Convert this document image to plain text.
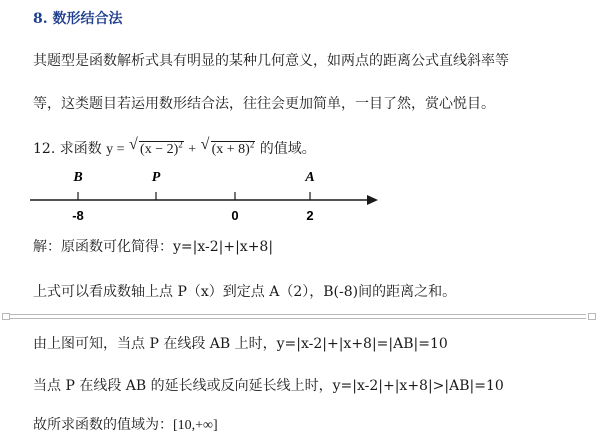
8. 数形结合法
其题型是函数解析式具有明显的某种几何意义，如两点的距离公式直线斜率等
等，这类题目若运用数形结合法，往往会更加简单，一目了然，赏心悦目。
12. 求函数 y = √ $(x - 2)^2$ + √ $(x + 8)^2$ 的值域。
B	P	A
-8	0	2
解：原函数可化简得：y=|x-2|+|x+8|
上式可以看成数轴上点 P（x）到定点 A（2），B(-8)间的距离之和。
由上图可知，当点 P 在线段 AB 上时，y=|x-2|+|x+8|=|AB|=10
当点 P 在线段 AB 的延长线或反向延长线上时，y=|x-2|+|x+8|>|AB|=10
故所求函数的值域为：[10,+∞]
